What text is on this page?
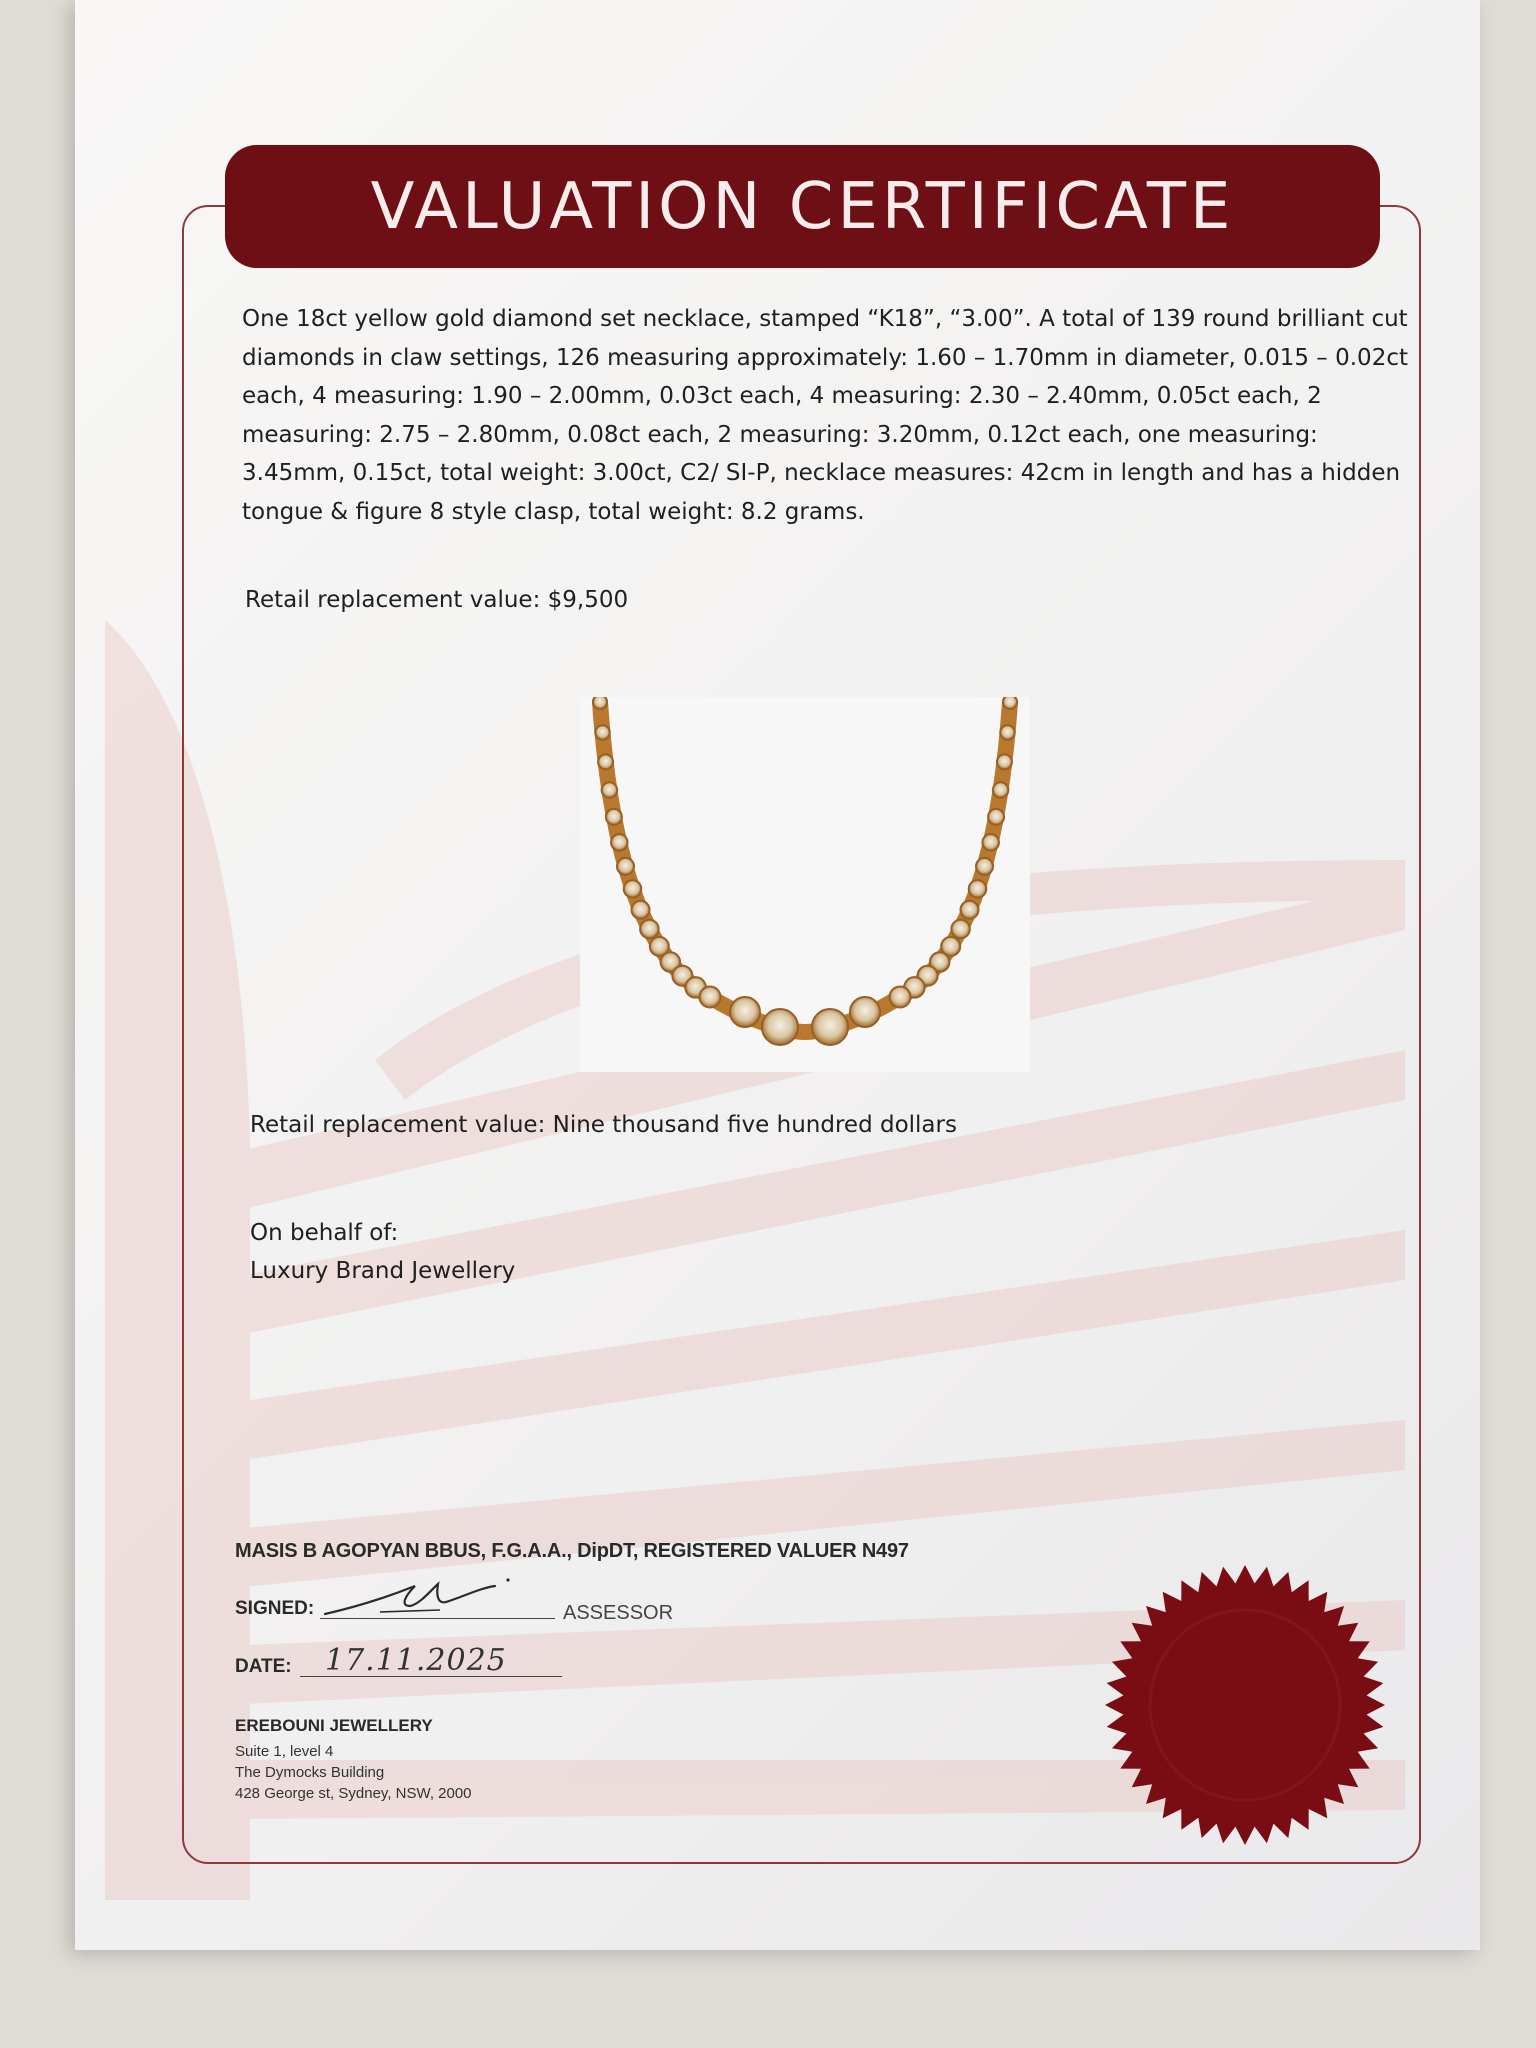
VALUATION CERTIFICATE
One 18ct yellow gold diamond set necklace, stamped “K18”, “3.00”. A total of 139 round brilliant cut diamonds in claw settings, 126 measuring approximately: 1.60 – 1.70mm in diameter, 0.015 – 0.02ct each, 4 measuring: 1.90 – 2.00mm, 0.03ct each, 4 measuring: 2.30 – 2.40mm, 0.05ct each, 2 measuring: 2.75 – 2.80mm, 0.08ct each, 2 measuring: 3.20mm, 0.12ct each, one measuring: 3.45mm, 0.15ct, total weight: 3.00ct, C2/ SI-P, necklace measures: 42cm in length and has a hidden tongue & figure 8 style clasp, total weight: 8.2 grams.
Retail replacement value: $9,500
Retail replacement value: Nine thousand five hundred dollars
On behalf of:
Luxury Brand Jewellery
MASIS B AGOPYAN BBUS, F.G.A.A., DipDT, REGISTERED VALUER N497
SIGNED:	ASSESSOR
DATE: 17.11.2025
EREBOUNI JEWELLERY
Suite 1, level 4
The Dymocks Building
428 George st, Sydney, NSW, 2000
